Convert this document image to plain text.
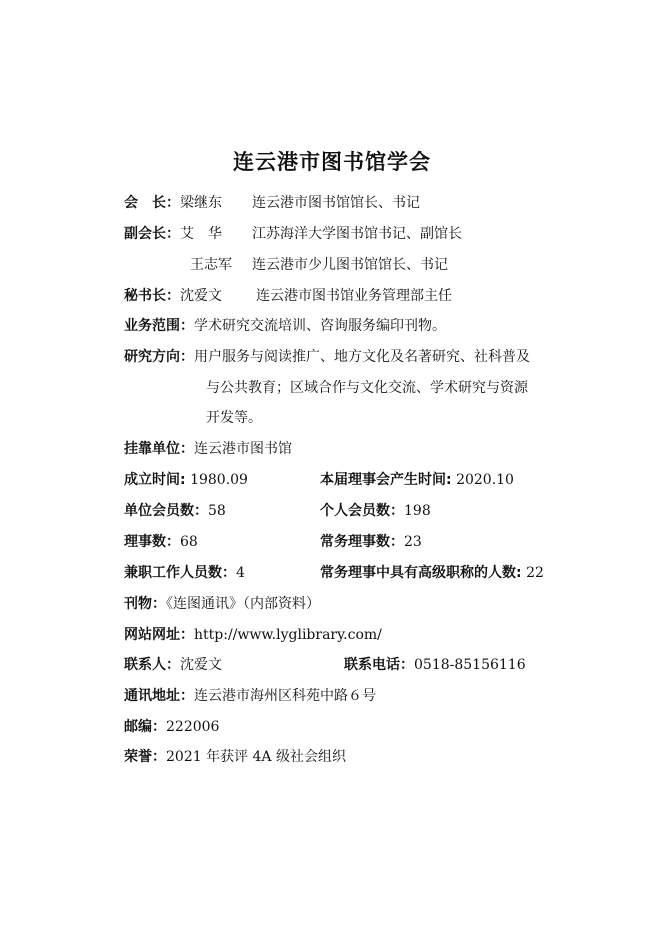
连云港市图书馆学会
会　长：梁继东 连云港市图书馆馆长、书记
副会长：艾　华 江苏海洋大学图书馆书记、副馆长
王志军 连云港市少儿图书馆馆长、书记
秘书长：沈爱文 连云港市图书馆业务管理部主任
业务范围：学术研究交流培训、咨询服务编印刊物。
研究方向：用户服务与阅读推广、地方文化及名著研究、社科普及
与公共教育；区域合作与文化交流、学术研究与资源
开发等。
挂靠单位：连云港市图书馆
成立时间: 1980.09	本届理事会产生时间: 2020.10
单位会员数：58	个人会员数：198
理事数：68	常务理事数：23
兼职工作人员数：4	常务理事中具有高级职称的人数: 22
刊物：《连图通讯》（内部资料）
网站网址：http://www.lyglibrary.com/
联系人：沈爱文	联系电话：0518-85156116
通讯地址：连云港市海州区科苑中路６号
邮编：222006
荣誉：2021 年获评 4A 级社会组织
